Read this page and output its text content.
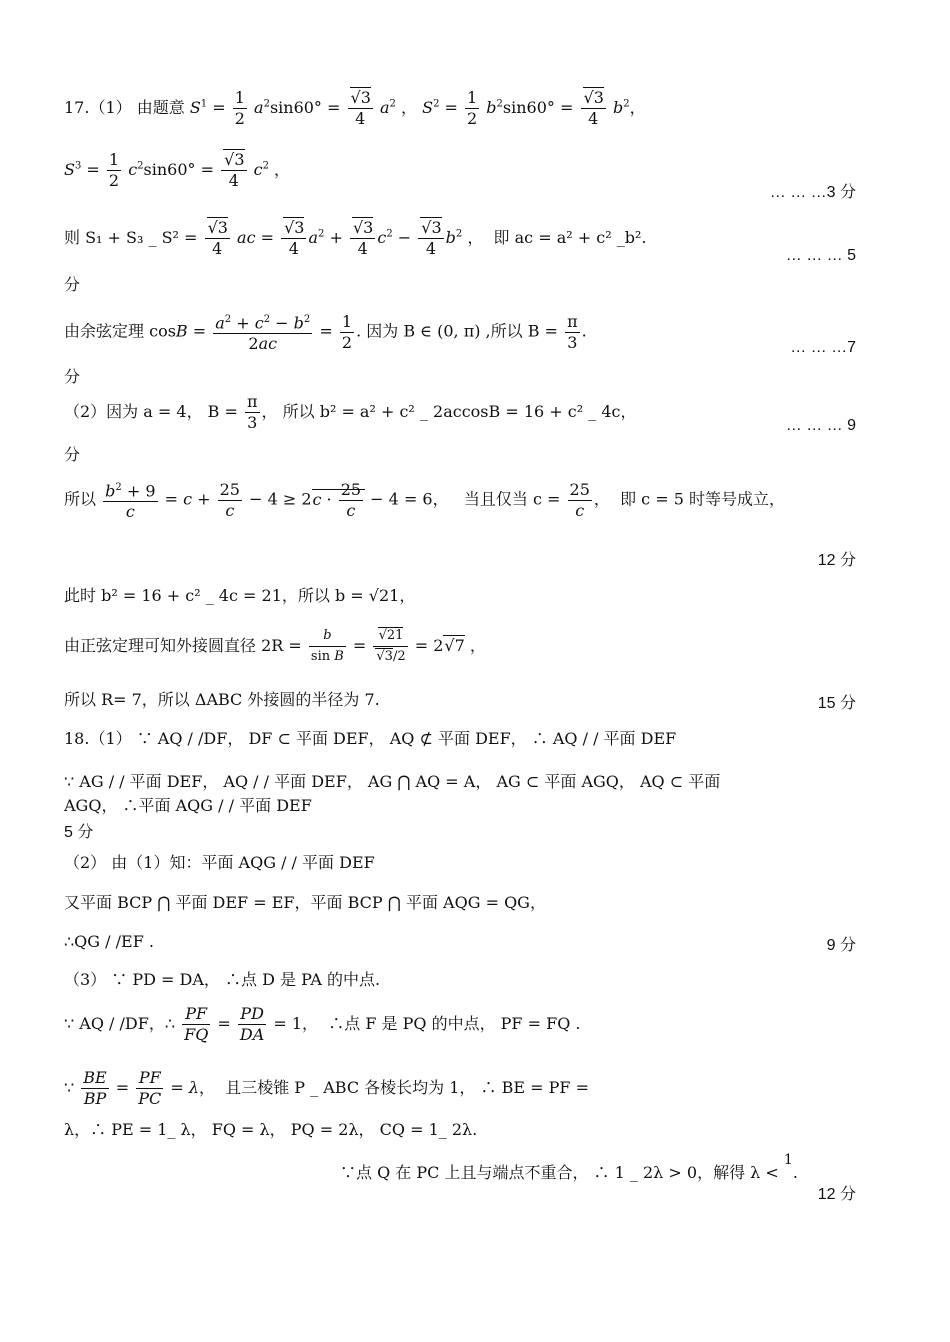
17.（1） 由题意 $S^1 = \frac{1}{2} a^2\sin 60^\circ = \frac{√3}{4} a^2$ ， $S^2 = \frac{1}{2} b^2\sin 60^\circ = \frac{√3}{4} b^2$，
$S^3 = \frac{1}{2} c^2\sin 60^\circ = \frac{√3}{4} c^2$ ，
… … …3 分
则 S₁ + S₃ _ $S^2 = \frac{√3}{4}$ ac = $\frac{√3}{4} a^2 + \frac{√3}{4} c^2 - \frac{√3}{4} b^2$ ，  即 ac = a² + c² _b².
… … … 5
分
由余弦定理 $\cos B = \frac{a^2 + c^2 - b^2}{2ac} = \frac{1}{2}$ . 因为 B ∈ (0, π) ,所以 $B = \frac{\pi}{3}$ .
… … …7
分
（2）因为 a = 4， $B = \frac{\pi}{3}$ ， 所以 b² = a² + c² _ 2accosB = 16 + c² _ 4c，
… … … 9
分
所以 $\frac{b^2 + 9}{c} = c + \frac{25}{c} - 4 \ge 2c \cdot \frac{25}{c} - 4 = 6$，   当且仅当 $c = \frac{25}{c}$ ，  即 c = 5 时等号成立，
12 分
此时 b² = 16 + c² _ 4c = 21，所以 b = √21，
由正弦定理可知外接圆直径 $2R = \frac{b}{\text{sin B}} = \frac{√21}{√3/2} = 2√7$ ，
所以 R= 7，所以 ΔABC 外接圆的半径为 7.	15 分
18.（1） ∵ AQ / /DF， DF ⊂ 平面 DEF， AQ ⊄ 平面 DEF， ∴ AQ / / 平面 DEF
∵ AG / / 平面 DEF， AQ / / 平面 DEF， AG ⋂ AQ = A， AG ⊂ 平面 AGQ， AQ ⊂ 平面
AGQ， ∴平面 AQG / / 平面 DEF
5 分
（2） 由（1）知：平面 AQG / / 平面 DEF
又平面 BCP ⋂ 平面 DEF = EF，平面 BCP ⋂ 平面 AQG = QG，
∴QG / /EF .	9 分
（3） ∵ PD = DA， ∴点 D 是 PA 的中点.
∵ AQ / /DF，∴ $\frac{PF}{FQ} = \frac{PD}{DA} = 1$，  ∴点 F 是 PQ 的中点， PF = FQ .
∵ $\frac{BE}{BP} = \frac{PF}{PC} = \lambda$，  且三棱锥 P _ ABC 各棱长均为 1， ∴ BE = PF =
λ，∴ PE = 1_ λ， FQ = λ， PQ = 2λ， CQ = 1_ 2λ.
∵点 Q 在 PC 上且与端点不重合， ∴ 1 _ 2λ > 0，解得 λ < 1.
12 分
